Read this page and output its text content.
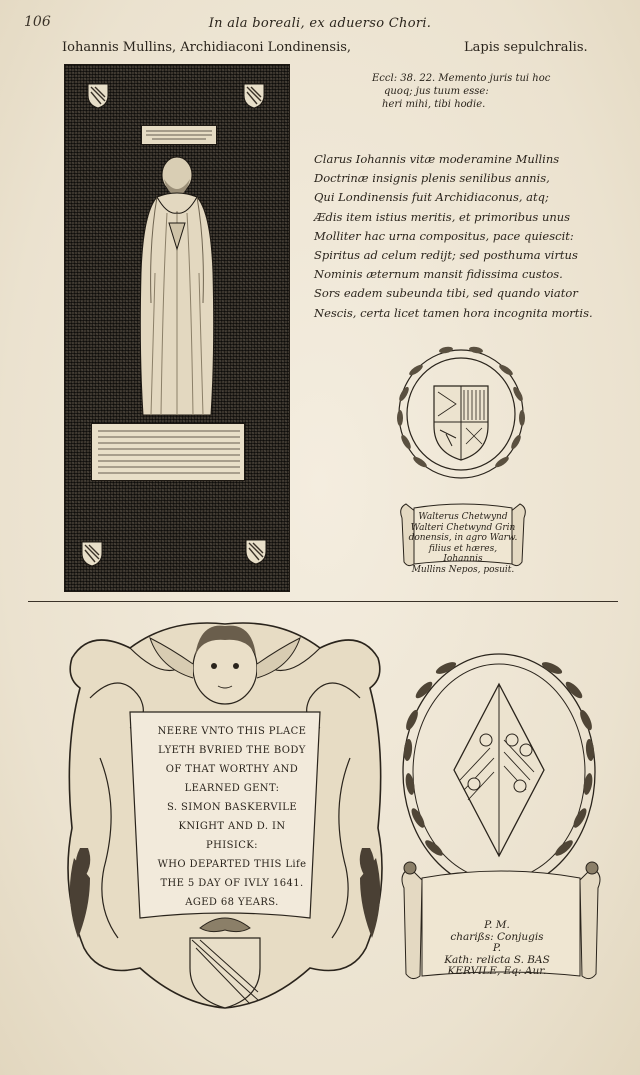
106	In ala boreali, ex aduerso Chori.
Iohannis Mullins, Archidiaconi Londinensis,	Lapis sepulchralis.
Eccl: 38. 22. Memento juris tui hoc
quoq; jus tuum esse:
heri mihi, tibi hodie.
Clarus Iohannis vitæ moderamine Mullins
Doctrinæ insignis plenis senilibus annis,
Qui Londinensis fuit Archidiaconus, atq;
Ædis item istius meritis, et primoribus unus
Molliter hac urna compositus, pace quiescit:
Spiritus ad celum redijt; sed posthuma virtus
Nominis æternum mansit fidissima custos.
Sors eadem subeunda tibi, sed quando viator
Nescis, certa licet tamen hora incognita mortis.
Walterus Chetwynd
Walteri Chetwynd Grin
donensis, in agro Warw.
filius et hæres, Iohannis
Mullins Nepos, posuit.
NEERE VNTO THIS PLACE
LYETH BVRIED THE BODY
OF THAT WORTHY AND
LEARNED GENT:
S. SIMON BASKERVILE
KNIGHT AND D. IN
PHISICK:
WHO DEPARTED THIS Life
THE 5 DAY OF IVLY 1641.
AGED 68 YEARS.
P. M.
charißs: Conjugis
P.
Kath: relicta S. BAS
KERVILE, Eq: Aur.
